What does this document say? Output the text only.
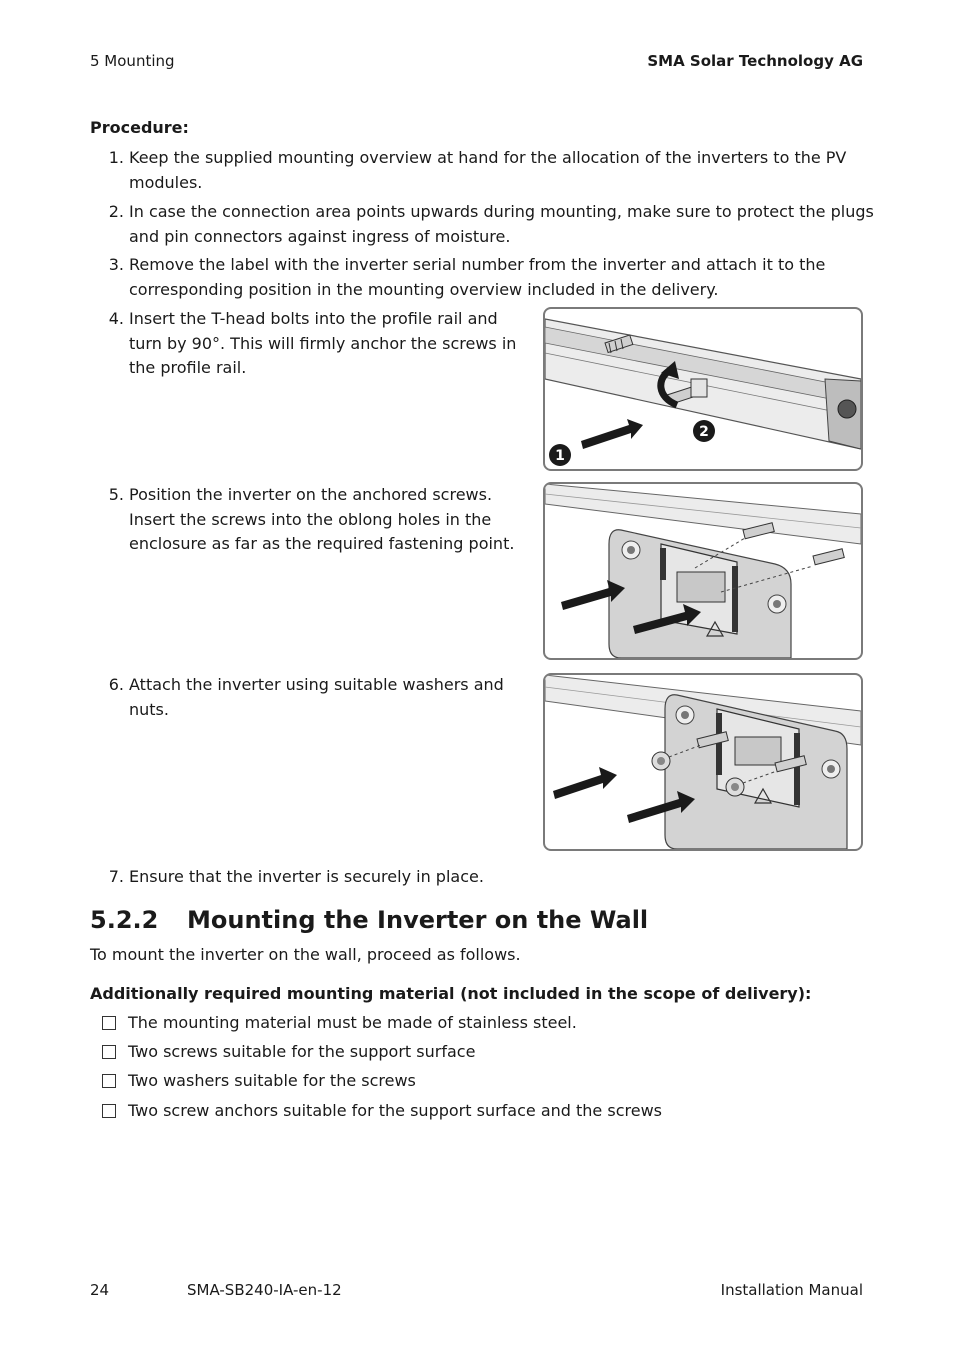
5 Mounting	SMA Solar Technology AG
Procedure:
1. Keep the supplied mounting overview at hand for the allocation of the inverters to the PV
modules.
2. In case the connection area points upwards during mounting, make sure to protect the plugs
and pin connectors against ingress of moisture.
3. Remove the label with the inverter serial number from the inverter and attach it to the
corresponding position in the mounting overview included in the delivery.
4. Insert the T-head bolts into the profile rail and
turn by 90°. This will firmly anchor the screws in
the profile rail.
5. Position the inverter on the anchored screws.
Insert the screws into the oblong holes in the
enclosure as far as the required fastening point.
6. Attach the inverter using suitable washers and
nuts.
7. Ensure that the inverter is securely in place.
1
2
5.2.2 Mounting the Inverter on the Wall
To mount the inverter on the wall, proceed as follows.
Additionally required mounting material (not included in the scope of delivery):
The mounting material must be made of stainless steel.
Two screws suitable for the support surface
Two washers suitable for the screws
Two screw anchors suitable for the support surface and the screws
24	SMA-SB240-IA-en-12	Installation Manual
